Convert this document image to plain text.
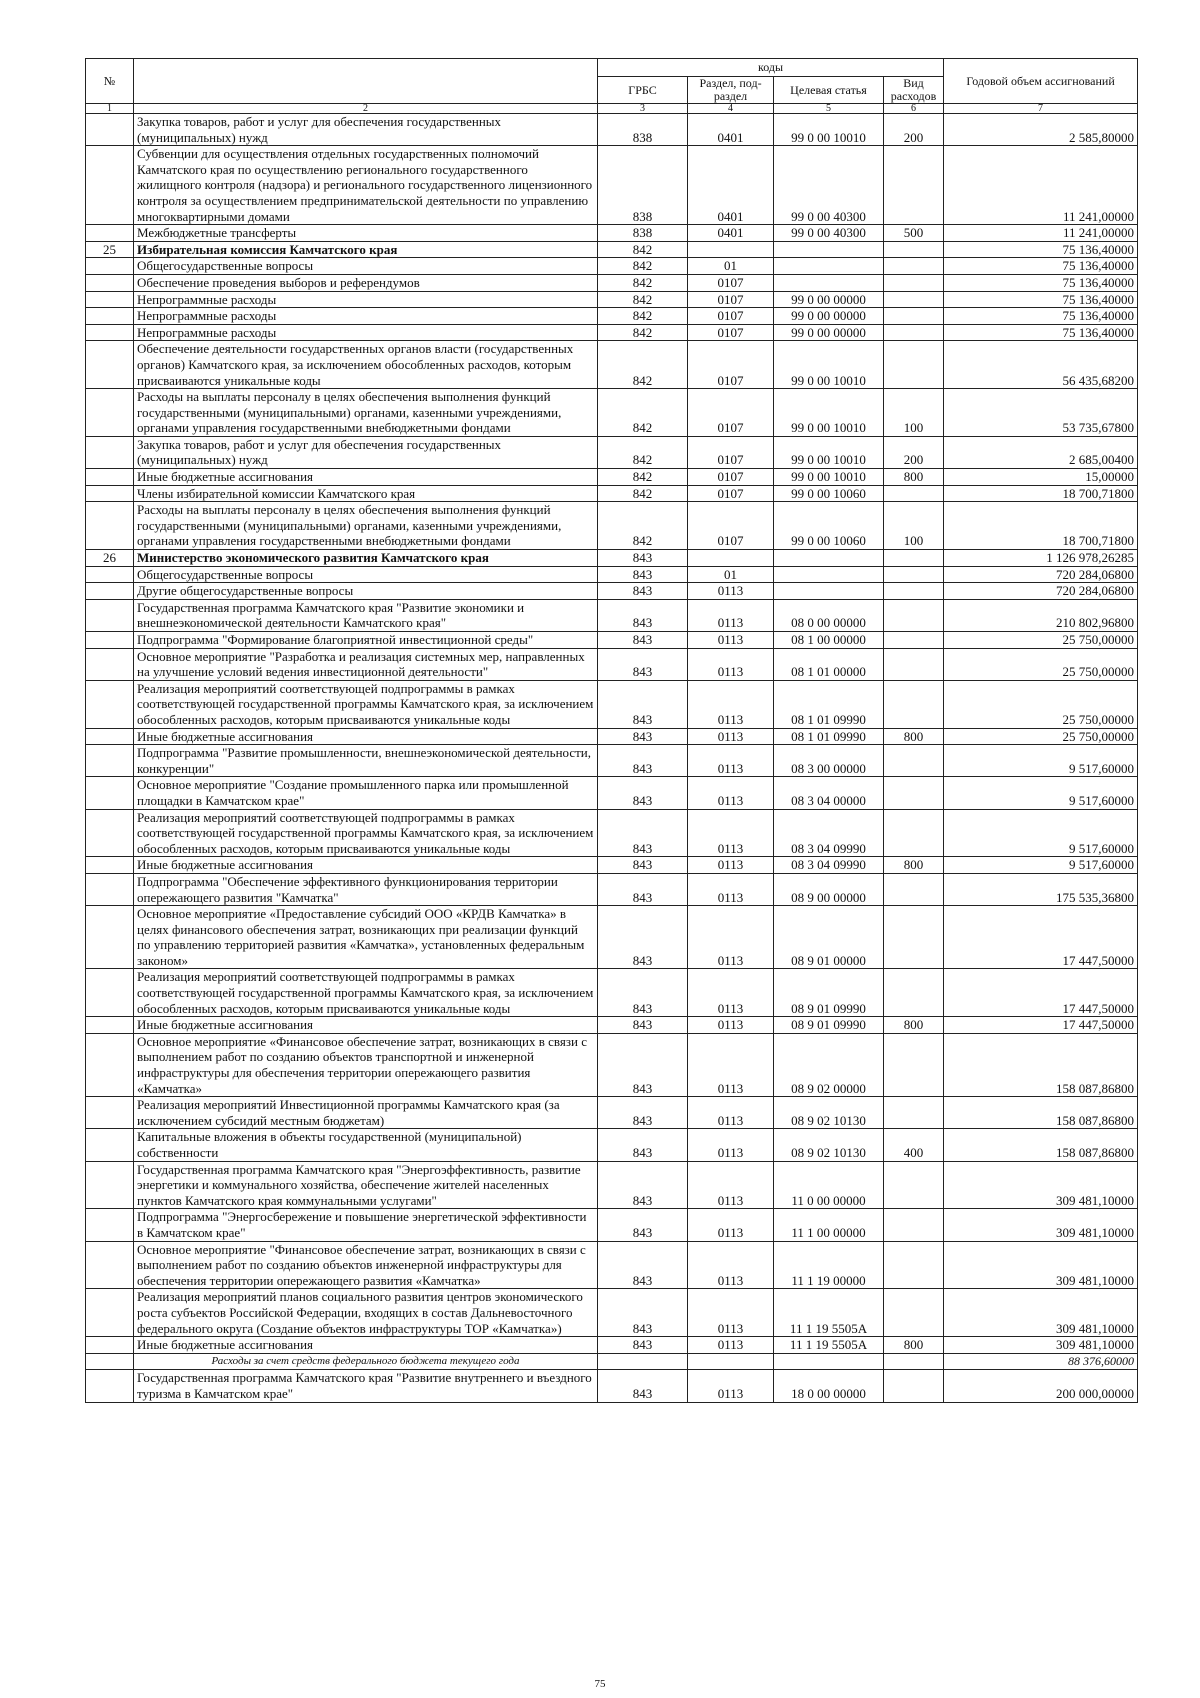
№		коды				Годовой объем ассигнований
		ГРБС	Раздел, под-раздел	Целевая статья	Вид расходов	
1	2	3	4	5	6	7
	Закупка товаров, работ и услуг для обеспечения государственных (муниципальных) нужд	838	0401	99 0 00 10010	200	2 585,80000
	Субвенции для осуществления отдельных государственных полномочий Камчатского края по осуществлению регионального государственного жилищного контроля (надзора) и регионального государственного лицензионного контроля за осуществлением предпринимательской деятельности по управлению многоквартирными домами	838	0401	99 0 00 40300		11 241,00000
	Межбюджетные трансферты	838	0401	99 0 00 40300	500	11 241,00000
25	Избирательная комиссия Камчатского края	842				75 136,40000
	Общегосударственные вопросы	842	01			75 136,40000
	Обеспечение проведения выборов и референдумов	842	0107			75 136,40000
	Непрограммные расходы	842	0107	99 0 00 00000		75 136,40000
	Непрограммные расходы	842	0107	99 0 00 00000		75 136,40000
	Непрограммные расходы	842	0107	99 0 00 00000		75 136,40000
	Обеспечение деятельности государственных органов власти (государственных органов) Камчатского края, за исключением обособленных расходов, которым присваиваются уникальные коды	842	0107	99 0 00 10010		56 435,68200
	Расходы на выплаты персоналу в целях обеспечения выполнения функций государственными (муниципальными) органами, казенными учреждениями, органами управления государственными внебюджетными фондами	842	0107	99 0 00 10010	100	53 735,67800
	Закупка товаров, работ и услуг для обеспечения государственных (муниципальных) нужд	842	0107	99 0 00 10010	200	2 685,00400
	Иные бюджетные ассигнования	842	0107	99 0 00 10010	800	15,00000
	Члены избирательной комиссии Камчатского края	842	0107	99 0 00 10060		18 700,71800
	Расходы на выплаты персоналу в целях обеспечения выполнения функций государственными (муниципальными) органами, казенными учреждениями, органами управления государственными внебюджетными фондами	842	0107	99 0 00 10060	100	18 700,71800
26	Министерство экономического развития Камчатского края	843				1 126 978,26285
	Общегосударственные вопросы	843	01			720 284,06800
	Другие общегосударственные вопросы	843	0113			720 284,06800
	Государственная программа Камчатского края "Развитие экономики и внешнеэкономической деятельности Камчатского края"	843	0113	08 0 00 00000		210 802,96800
	Подпрограмма "Формирование благоприятной инвестиционной среды"	843	0113	08 1 00 00000		25 750,00000
	Основное мероприятие "Разработка и реализация системных мер, направленных на улучшение условий ведения инвестиционной деятельности"	843	0113	08 1 01 00000		25 750,00000
	Реализация мероприятий соответствующей подпрограммы в рамках соответствующей государственной программы Камчатского края, за исключением обособленных расходов, которым присваиваются уникальные коды	843	0113	08 1 01 09990		25 750,00000
	Иные бюджетные ассигнования	843	0113	08 1 01 09990	800	25 750,00000
	Подпрограмма "Развитие промышленности, внешнеэкономической деятельности, конкуренции"	843	0113	08 3 00 00000		9 517,60000
	Основное мероприятие "Создание промышленного парка или промышленной площадки в Камчатском крае"	843	0113	08 3 04 00000		9 517,60000
	Реализация мероприятий соответствующей подпрограммы в рамках соответствующей государственной программы Камчатского края, за исключением обособленных расходов, которым присваиваются уникальные коды	843	0113	08 3 04 09990		9 517,60000
	Иные бюджетные ассигнования	843	0113	08 3 04 09990	800	9 517,60000
	Подпрограмма "Обеспечение эффективного функционирования территории опережающего развития "Камчатка"	843	0113	08 9 00 00000		175 535,36800
	Основное мероприятие «Предоставление субсидий ООО «КРДВ Камчатка» в целях финансового обеспечения затрат, возникающих при реализации функций по управлению территорией развития «Камчатка», установленных федеральным законом»	843	0113	08 9 01 00000		17 447,50000
	Реализация мероприятий соответствующей подпрограммы в рамках соответствующей государственной программы Камчатского края, за исключением обособленных расходов, которым присваиваются уникальные коды	843	0113	08 9 01 09990		17 447,50000
	Иные бюджетные ассигнования	843	0113	08 9 01 09990	800	17 447,50000
	Основное мероприятие «Финансовое обеспечение затрат, возникающих в связи с выполнением работ по созданию объектов транспортной и инженерной инфраструктуры для обеспечения территории опережающего развития «Камчатка»	843	0113	08 9 02 00000		158 087,86800
	Реализация мероприятий Инвестиционной программы Камчатского края (за исключением субсидий местным бюджетам)	843	0113	08 9 02 10130		158 087,86800
	Капитальные вложения в объекты государственной (муниципальной) собственности	843	0113	08 9 02 10130	400	158 087,86800
	Государственная программа Камчатского края "Энергоэффективность, развитие энергетики и коммунального хозяйства, обеспечение жителей населенных пунктов Камчатского края коммунальными услугами"	843	0113	11 0 00 00000		309 481,10000
	Подпрограмма "Энергосбережение и повышение энергетической эффективности в Камчатском крае"	843	0113	11 1 00 00000		309 481,10000
	Основное мероприятие "Финансовое обеспечение затрат, возникающих в связи с выполнением работ по созданию объектов инженерной инфраструктуры для обеспечения территории опережающего развития «Камчатка»	843	0113	11 1 19 00000		309 481,10000
	Реализация мероприятий планов социального развития центров экономического роста субъектов Российской Федерации, входящих в состав Дальневосточного федерального округа (Создание объектов инфраструктуры ТОР «Камчатка»)	843	0113	11 1 19 5505А		309 481,10000
	Иные бюджетные ассигнования	843	0113	11 1 19 5505А	800	309 481,10000
	Расходы за счет средств федерального бюджета текущего года					88 376,60000
	Государственная программа Камчатского края "Развитие внутреннего и въездного туризма в Камчатском крае"	843	0113	18 0 00 00000		200 000,00000
75
